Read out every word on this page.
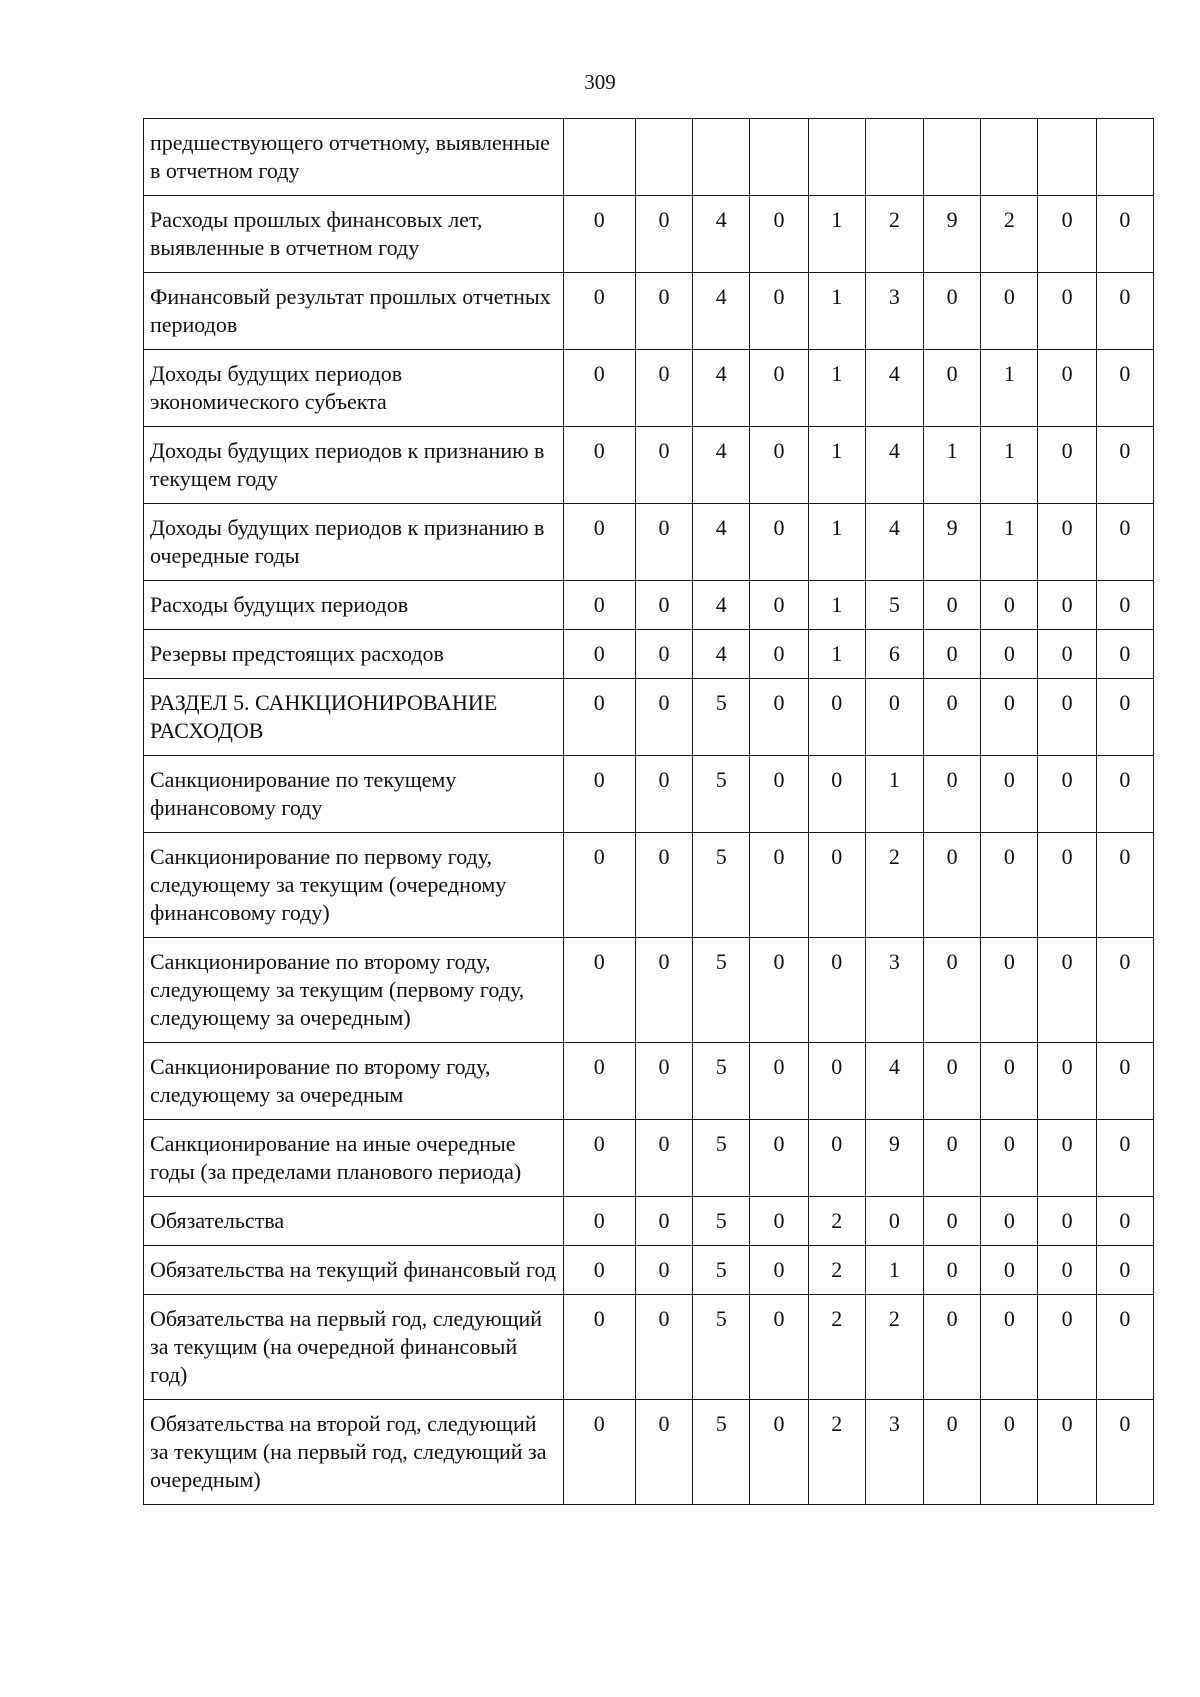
309
предшествующего отчетному, выявленные в отчетном году										
Расходы прошлых финансовых лет, выявленные в отчетном году	0	0	4	0	1	2	9	2	0	0
Финансовый результат прошлых отчетных периодов	0	0	4	0	1	3	0	0	0	0
Доходы будущих периодов экономического субъекта	0	0	4	0	1	4	0	1	0	0
Доходы будущих периодов к признанию в текущем году	0	0	4	0	1	4	1	1	0	0
Доходы будущих периодов к признанию в очередные годы	0	0	4	0	1	4	9	1	0	0
Расходы будущих периодов	0	0	4	0	1	5	0	0	0	0
Резервы предстоящих расходов	0	0	4	0	1	6	0	0	0	0
РАЗДЕЛ 5. САНКЦИОНИРОВАНИЕ РАСХОДОВ	0	0	5	0	0	0	0	0	0	0
Санкционирование по текущему финансовому году	0	0	5	0	0	1	0	0	0	0
Санкционирование по первому году, следующему за текущим (очередному финансовому году)	0	0	5	0	0	2	0	0	0	0
Санкционирование по второму году, следующему за текущим (первому году, следующему за очередным)	0	0	5	0	0	3	0	0	0	0
Санкционирование по второму году, следующему за очередным	0	0	5	0	0	4	0	0	0	0
Санкционирование на иные очередные годы (за пределами планового периода)	0	0	5	0	0	9	0	0	0	0
Обязательства	0	0	5	0	2	0	0	0	0	0
Обязательства на текущий финансовый год	0	0	5	0	2	1	0	0	0	0
Обязательства на первый год, следующий за текущим (на очередной финансовый год)	0	0	5	0	2	2	0	0	0	0
Обязательства на второй год, следующий за текущим (на первый год, следующий за очередным)	0	0	5	0	2	3	0	0	0	0
